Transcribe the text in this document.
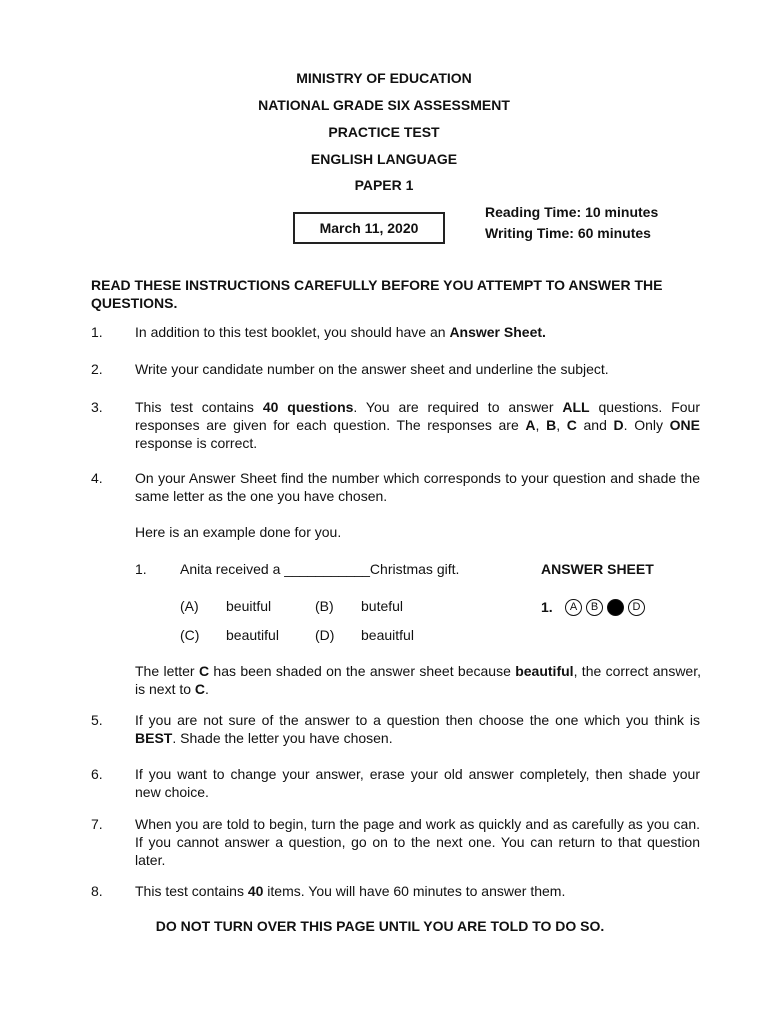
MINISTRY OF EDUCATION
NATIONAL GRADE SIX ASSESSMENT
PRACTICE TEST
ENGLISH LANGUAGE
PAPER 1
March 11, 2020
Reading Time: 10 minutes
Writing Time: 60 minutes
READ THESE INSTRUCTIONS CAREFULLY BEFORE YOU ATTEMPT TO ANSWER THE QUESTIONS.
1.	In addition to this test booklet, you should have an Answer Sheet.
2.	Write your candidate number on the answer sheet and underline the subject.
3.	This test contains 40 questions. You are required to answer ALL questions. Four responses are given for each question. The responses are A, B, C and D. Only ONE response is correct.
4.	On your Answer Sheet find the number which corresponds to your question and shade the same letter as the one you have chosen.
Here is an example done for you.
1. Anita received a ___________Christmas gift.	ANSWER SHEET
(A) beuitful	(B) buteful
(C) beautiful	(D) beauitful
1.	A	B	D
The letter C has been shaded on the answer sheet because beautiful, the correct answer, is next to C.
5.	If you are not sure of the answer to a question then choose the one which you think is BEST. Shade the letter you have chosen.
6.	If you want to change your answer, erase your old answer completely, then shade your new choice.
7.	When you are told to begin, turn the page and work as quickly and as carefully as you can. If you cannot answer a question, go on to the next one. You can return to that question later.
8.	This test contains 40 items. You will have 60 minutes to answer them.
DO NOT TURN OVER THIS PAGE UNTIL YOU ARE TOLD TO DO SO.
